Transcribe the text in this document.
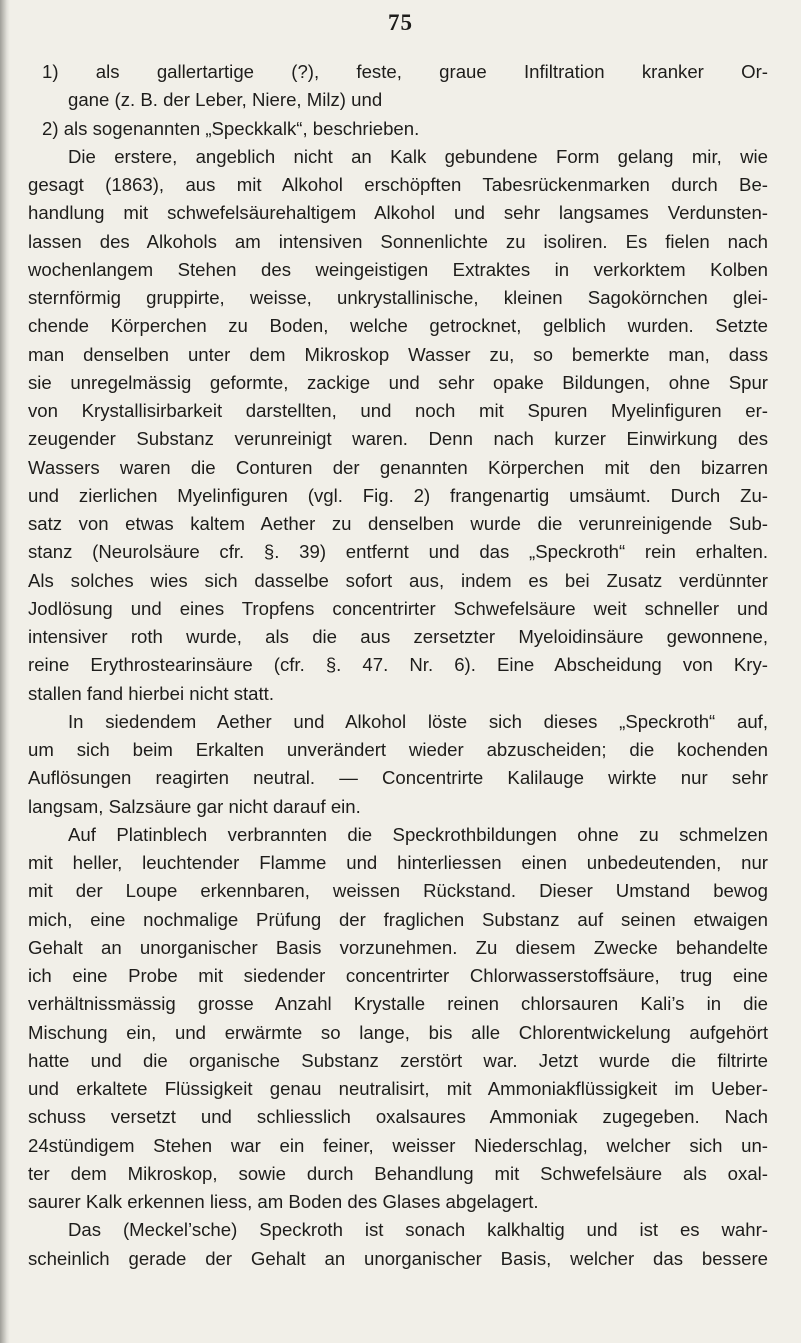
75
1) als gallertartige (?), feste, graue Infiltration kranker Or-
gane (z. B. der Leber, Niere, Milz) und
2) als sogenannten „Speckkalk“, beschrieben.
Die erstere, angeblich nicht an Kalk gebundene Form gelang mir, wie
gesagt (1863), aus mit Alkohol erschöpften Tabesrückenmarken durch Be-
handlung mit schwefelsäurehaltigem Alkohol und sehr langsames Verdunsten-
lassen des Alkohols am intensiven Sonnenlichte zu isoliren. Es fielen nach
wochenlangem Stehen des weingeistigen Extraktes in verkorktem Kolben
sternförmig gruppirte, weisse, unkrystallinische, kleinen Sagokörnchen glei-
chende Körperchen zu Boden, welche getrocknet, gelblich wurden. Setzte
man denselben unter dem Mikroskop Wasser zu, so bemerkte man, dass
sie unregelmässig geformte, zackige und sehr opake Bildungen, ohne Spur
von Krystallisirbarkeit darstellten, und noch mit Spuren Myelinfiguren er-
zeugender Substanz verunreinigt waren. Denn nach kurzer Einwirkung des
Wassers waren die Conturen der genannten Körperchen mit den bizarren
und zierlichen Myelinfiguren (vgl. Fig. 2) frangenartig umsäumt. Durch Zu-
satz von etwas kaltem Aether zu denselben wurde die verunreinigende Sub-
stanz (Neurolsäure cfr. §. 39) entfernt und das „Speckroth“ rein erhalten.
Als solches wies sich dasselbe sofort aus, indem es bei Zusatz verdünnter
Jodlösung und eines Tropfens concentrirter Schwefelsäure weit schneller und
intensiver roth wurde, als die aus zersetzter Myeloidinsäure gewonnene,
reine Erythrostearinsäure (cfr. §. 47. Nr. 6). Eine Abscheidung von Kry-
stallen fand hierbei nicht statt.
In siedendem Aether und Alkohol löste sich dieses „Speckroth“ auf,
um sich beim Erkalten unverändert wieder abzuscheiden; die kochenden
Auflösungen reagirten neutral. — Concentrirte Kalilauge wirkte nur sehr
langsam, Salzsäure gar nicht darauf ein.
Auf Platinblech verbrannten die Speckrothbildungen ohne zu schmelzen
mit heller, leuchtender Flamme und hinterliessen einen unbedeutenden, nur
mit der Loupe erkennbaren, weissen Rückstand. Dieser Umstand bewog
mich, eine nochmalige Prüfung der fraglichen Substanz auf seinen etwaigen
Gehalt an unorganischer Basis vorzunehmen. Zu diesem Zwecke behandelte
ich eine Probe mit siedender concentrirter Chlorwasserstoffsäure, trug eine
verhältnissmässig grosse Anzahl Krystalle reinen chlorsauren Kali’s in die
Mischung ein, und erwärmte so lange, bis alle Chlorentwickelung aufgehört
hatte und die organische Substanz zerstört war. Jetzt wurde die filtrirte
und erkaltete Flüssigkeit genau neutralisirt, mit Ammoniakflüssigkeit im Ueber-
schuss versetzt und schliesslich oxalsaures Ammoniak zugegeben. Nach
24stündigem Stehen war ein feiner, weisser Niederschlag, welcher sich un-
ter dem Mikroskop, sowie durch Behandlung mit Schwefelsäure als oxal-
saurer Kalk erkennen liess, am Boden des Glases abgelagert.
Das (Meckel’sche) Speckroth ist sonach kalkhaltig und ist es wahr-
scheinlich gerade der Gehalt an unorganischer Basis, welcher das bessere
